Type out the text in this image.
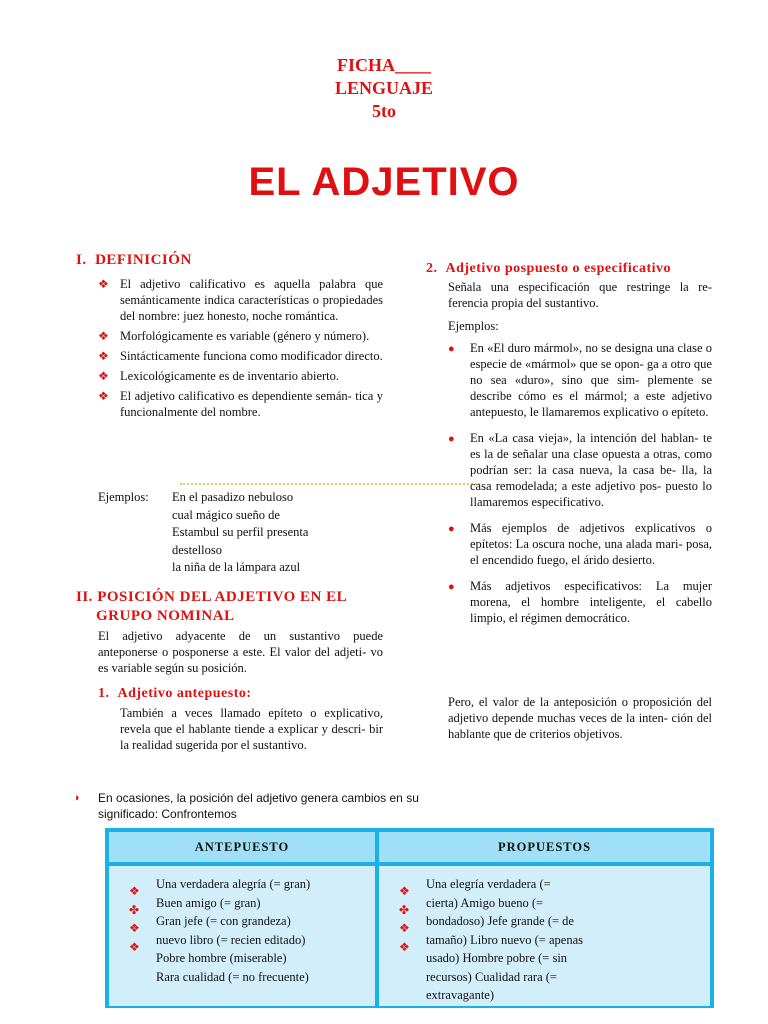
FICHA____
LENGUAJE
5to
EL ADJETIVO
I. DEFINICIÓN
❖ El adjetivo calificativo es aquella palabra que semánticamente indica características o propiedades del nombre: juez honesto, noche romántica.
❖ Morfológicamente es variable (género y número).
❖ Sintácticamente funciona como modificador directo.
❖ Lexicológicamente es de inventario abierto.
❖ El adjetivo calificativo es dependiente semán- tica y funcionalmente del nombre.
Ejemplos: En el pasadizo nebuloso
cual mágico sueño de
Estambul su perfil presenta
destelloso
la niña de la lámpara azul
II. POSICIÓN DEL ADJETIVO EN EL
GRUPO NOMINAL
El adjetivo adyacente de un sustantivo puede anteponerse o posponerse a este. El valor del adjeti- vo es variable según su posición.
1. Adjetivo antepuesto:
También a veces llamado epíteto o explicativo, revela que el hablante tiende a explicar y descri- bir la realidad sugerida por el sustantivo.
2. Adjetivo pospuesto o especificativo
Señala una especificación que restringe la re- ferencia propia del sustantivo.
Ejemplos:
● En «El duro mármol», no se designa una clase o especie de «mármol» que se opon- ga a otro que no sea «duro», sino que sim- plemente se describe cómo es el mármol; a este adjetivo antepuesto, le llamaremos explicativo o epíteto.
● En «La casa vieja», la intención del hablan- te es la de señalar una clase opuesta a otras, como podrían ser: la casa nueva, la casa be- lla, la casa remodelada; a este adjetivo pos- puesto lo llamaremos especificativo.
● Más ejemplos de adjetivos explicativos o epítetos: La oscura noche, una alada mari- posa, el encendido fuego, el árido desierto.
● Más adjetivos especificativos: La mujer morena, el hombre inteligente, el cabello limpio, el régimen democrático.
Pero, el valor de la anteposición o proposición del adjetivo depende muchas veces de la inten- ción del hablante que de criterios objetivos.
◗ En ocasiones, la posición del adjetivo genera cambios en su significado: Confrontemos
ANTEPUESTO	PROPUESTOS
❖
✤
❖
❖
Una verdadera alegría (= gran)
Buen amigo (= gran)
Gran jefe (= con grandeza)
nuevo libro (= recien editado)
Pobre hombre (miserable)
Rara cualidad (= no frecuente)
❖
✤
❖
❖
Una elegría verdadera (=
cierta) Amigo bueno (=
bondadoso) Jefe grande (= de
tamaño) Libro nuevo (= apenas
usado) Hombre pobre (= sin
recursos) Cualidad rara (=
extravagante)
